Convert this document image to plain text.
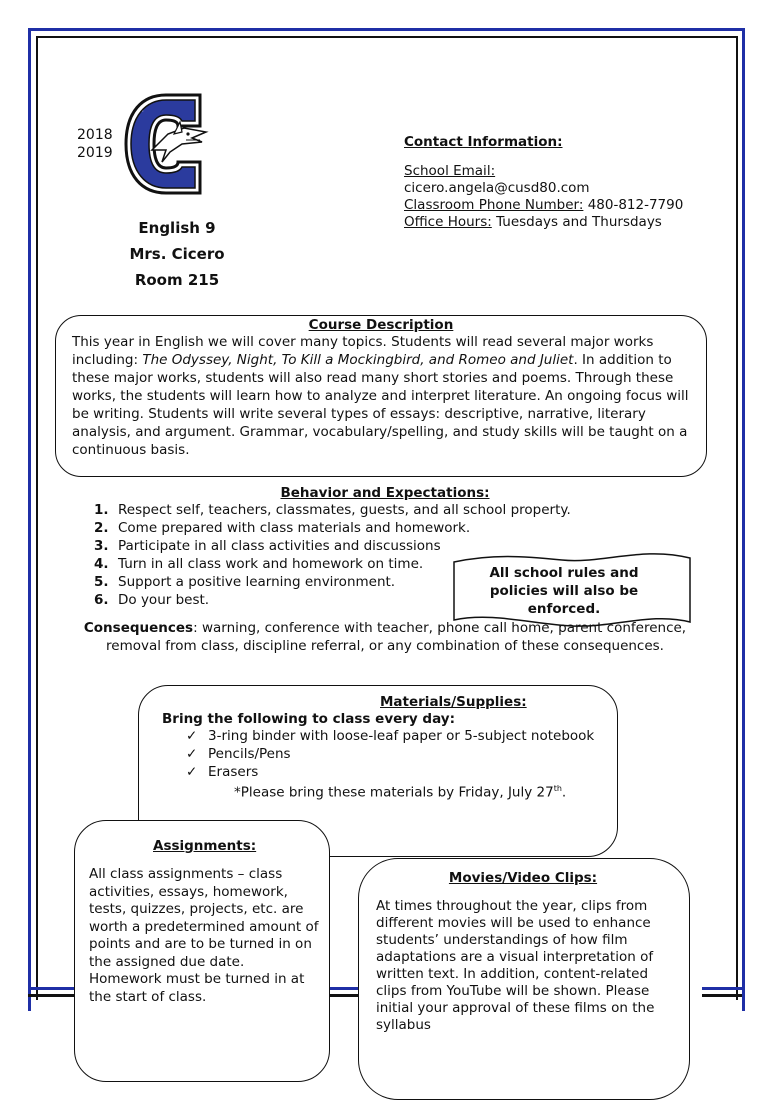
2018
2019
C
English 9
Mrs. Cicero
Room 215
Contact Information:
School Email:
cicero.angela@cusd80.com
Classroom Phone Number: 480-812-7790
Office Hours: Tuesdays and Thursdays
Course Description
This year in English we will cover many topics. Students will read several major works including: The Odyssey, Night, To Kill a Mockingbird, and Romeo and Juliet. In addition to these major works, students will also read many short stories and poems. Through these works, the students will learn how to analyze and interpret literature. An ongoing focus will be writing. Students will write several types of essays: descriptive, narrative, literary analysis, and argument. Grammar, vocabulary/spelling, and study skills will be taught on a continuous basis.
Behavior and Expectations:
1. Respect self, teachers, classmates, guests, and all school property.
2. Come prepared with class materials and homework.
3. Participate in all class activities and discussions
4. Turn in all class work and homework on time.
5. Support a positive learning environment.
6. Do your best.
All school rules and policies will also be enforced.
Consequences: warning, conference with teacher, phone call home, parent conference, removal from class, discipline referral, or any combination of these consequences.
Materials/Supplies:
Bring the following to class every day:
✓ 3-ring binder with loose-leaf paper or 5-subject notebook
✓ Pencils/Pens
✓ Erasers
*Please bring these materials by Friday, July 27th.
Assignments:
All class assignments – class activities, essays, homework, tests, quizzes, projects, etc. are worth a predetermined amount of points and are to be turned in on the assigned due date. Homework must be turned in at the start of class.
Movies/Video Clips:
At times throughout the year, clips from different movies will be used to enhance students’ understandings of how film adaptations are a visual interpretation of written text. In addition, content-related clips from YouTube will be shown. Please initial your approval of these films on the syllabus
